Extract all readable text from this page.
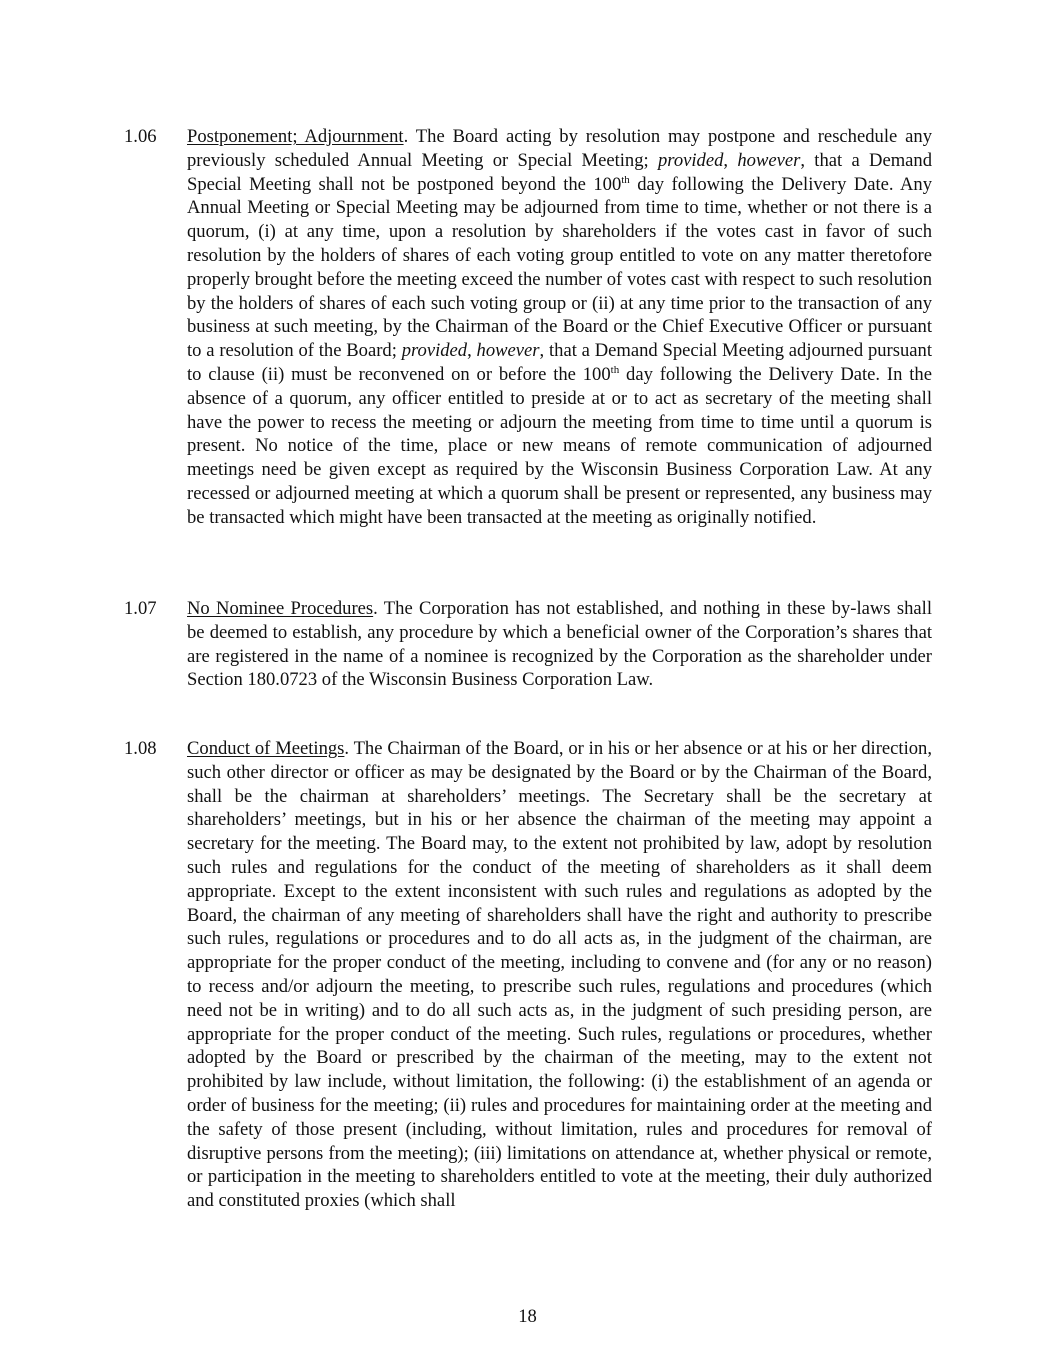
1.06 Postponement; Adjournment. The Board acting by resolution may postpone and reschedule any previously scheduled Annual Meeting or Special Meeting; provided, however, that a Demand Special Meeting shall not be postponed beyond the 100th day following the Delivery Date. Any Annual Meeting or Special Meeting may be adjourned from time to time, whether or not there is a quorum, (i) at any time, upon a resolution by shareholders if the votes cast in favor of such resolution by the holders of shares of each voting group entitled to vote on any matter theretofore properly brought before the meeting exceed the number of votes cast with respect to such resolution by the holders of shares of each such voting group or (ii) at any time prior to the transaction of any business at such meeting, by the Chairman of the Board or the Chief Executive Officer or pursuant to a resolution of the Board; provided, however, that a Demand Special Meeting adjourned pursuant to clause (ii) must be reconvened on or before the 100th day following the Delivery Date. In the absence of a quorum, any officer entitled to preside at or to act as secretary of the meeting shall have the power to recess the meeting or adjourn the meeting from time to time until a quorum is present. No notice of the time, place or new means of remote communication of adjourned meetings need be given except as required by the Wisconsin Business Corporation Law. At any recessed or adjourned meeting at which a quorum shall be present or represented, any business may be transacted which might have been transacted at the meeting as originally notified.
1.07 No Nominee Procedures. The Corporation has not established, and nothing in these by-laws shall be deemed to establish, any procedure by which a beneficial owner of the Corporation’s shares that are registered in the name of a nominee is recognized by the Corporation as the shareholder under Section 180.0723 of the Wisconsin Business Corporation Law.
1.08 Conduct of Meetings. The Chairman of the Board, or in his or her absence or at his or her direction, such other director or officer as may be designated by the Board or by the Chairman of the Board, shall be the chairman at shareholders’ meetings. The Secretary shall be the secretary at shareholders’ meetings, but in his or her absence the chairman of the meeting may appoint a secretary for the meeting. The Board may, to the extent not prohibited by law, adopt by resolution such rules and regulations for the conduct of the meeting of shareholders as it shall deem appropriate. Except to the extent inconsistent with such rules and regulations as adopted by the Board, the chairman of any meeting of shareholders shall have the right and authority to prescribe such rules, regulations or procedures and to do all acts as, in the judgment of the chairman, are appropriate for the proper conduct of the meeting, including to convene and (for any or no reason) to recess and/or adjourn the meeting, to prescribe such rules, regulations and procedures (which need not be in writing) and to do all such acts as, in the judgment of such presiding person, are appropriate for the proper conduct of the meeting. Such rules, regulations or procedures, whether adopted by the Board or prescribed by the chairman of the meeting, may to the extent not prohibited by law include, without limitation, the following: (i) the establishment of an agenda or order of business for the meeting; (ii) rules and procedures for maintaining order at the meeting and the safety of those present (including, without limitation, rules and procedures for removal of disruptive persons from the meeting); (iii) limitations on attendance at, whether physical or remote, or participation in the meeting to shareholders entitled to vote at the meeting, their duly authorized and constituted proxies (which shall
18
